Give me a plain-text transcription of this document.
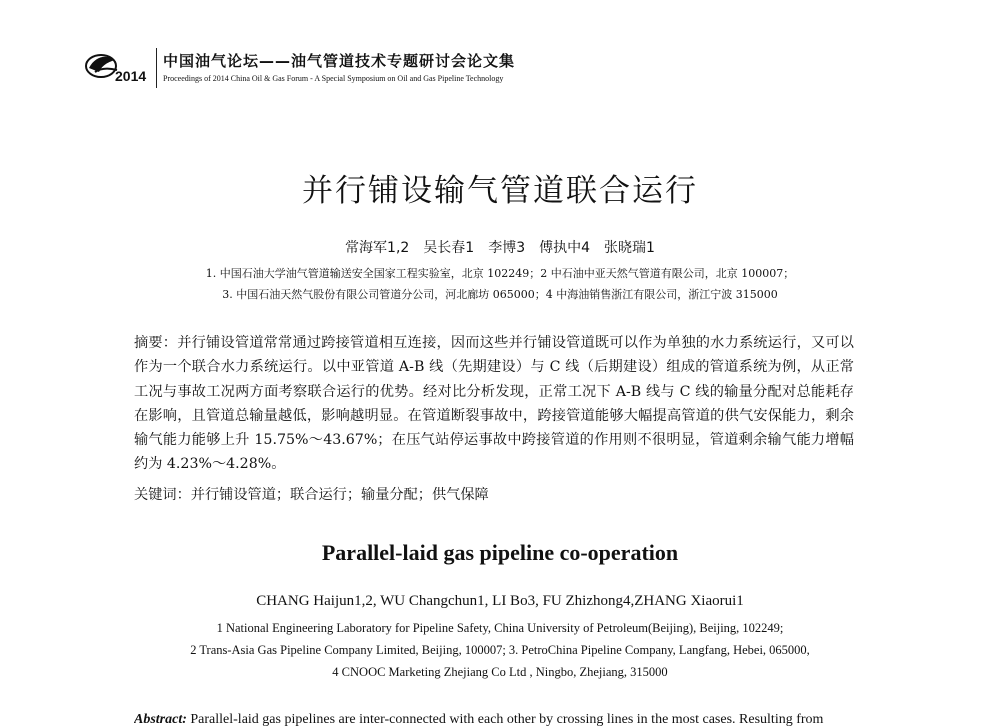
2014
中国油气论坛——油气管道技术专题研讨会论文集
Proceedings of 2014 China Oil & Gas Forum - A Special Symposium on Oil and Gas Pipeline Technology
并行铺设输气管道联合运行
常海军1,2　吴长春1　李博3　傅执中4　张晓瑞1
1. 中国石油大学油气管道输送安全国家工程实验室，北京 102249；2 中石油中亚天然气管道有限公司，北京 100007；
3. 中国石油天然气股份有限公司管道分公司，河北廊坊 065000；4 中海油销售浙江有限公司，浙江宁波 315000
摘要：并行铺设管道常常通过跨接管道相互连接，因而这些并行铺设管道既可以作为单独的水力系统运行，又可以作为一个联合水力系统运行。以中亚管道 A-B 线（先期建设）与 C 线（后期建设）组成的管道系统为例，从正常工况与事故工况两方面考察联合运行的优势。经对比分析发现，正常工况下 A-B 线与 C 线的输量分配对总能耗存在影响，且管道总输量越低，影响越明显。在管道断裂事故中，跨接管道能够大幅提高管道的供气安保能力，剩余输气能力能够上升 15.75%～43.67%；在压气站停运事故中跨接管道的作用则不很明显，管道剩余输气能力增幅约为 4.23%～4.28%。
关键词：并行铺设管道；联合运行；输量分配；供气保障
Parallel-laid gas pipeline co-operation
CHANG Haijun1,2, WU Changchun1, LI Bo3, FU Zhizhong4,ZHANG Xiaorui1
1 National Engineering Laboratory for Pipeline Safety, China University of Petroleum(Beijing), Beijing, 102249;
2 Trans-Asia Gas Pipeline Company Limited, Beijing, 100007; 3. PetroChina Pipeline Company, Langfang, Hebei, 065000,
4 CNOOC Marketing Zhejiang Co Ltd , Ningbo, Zhejiang, 315000
Abstract: Parallel-laid gas pipelines are inter-connected with each other by crossing lines in the most cases. Resulting from
